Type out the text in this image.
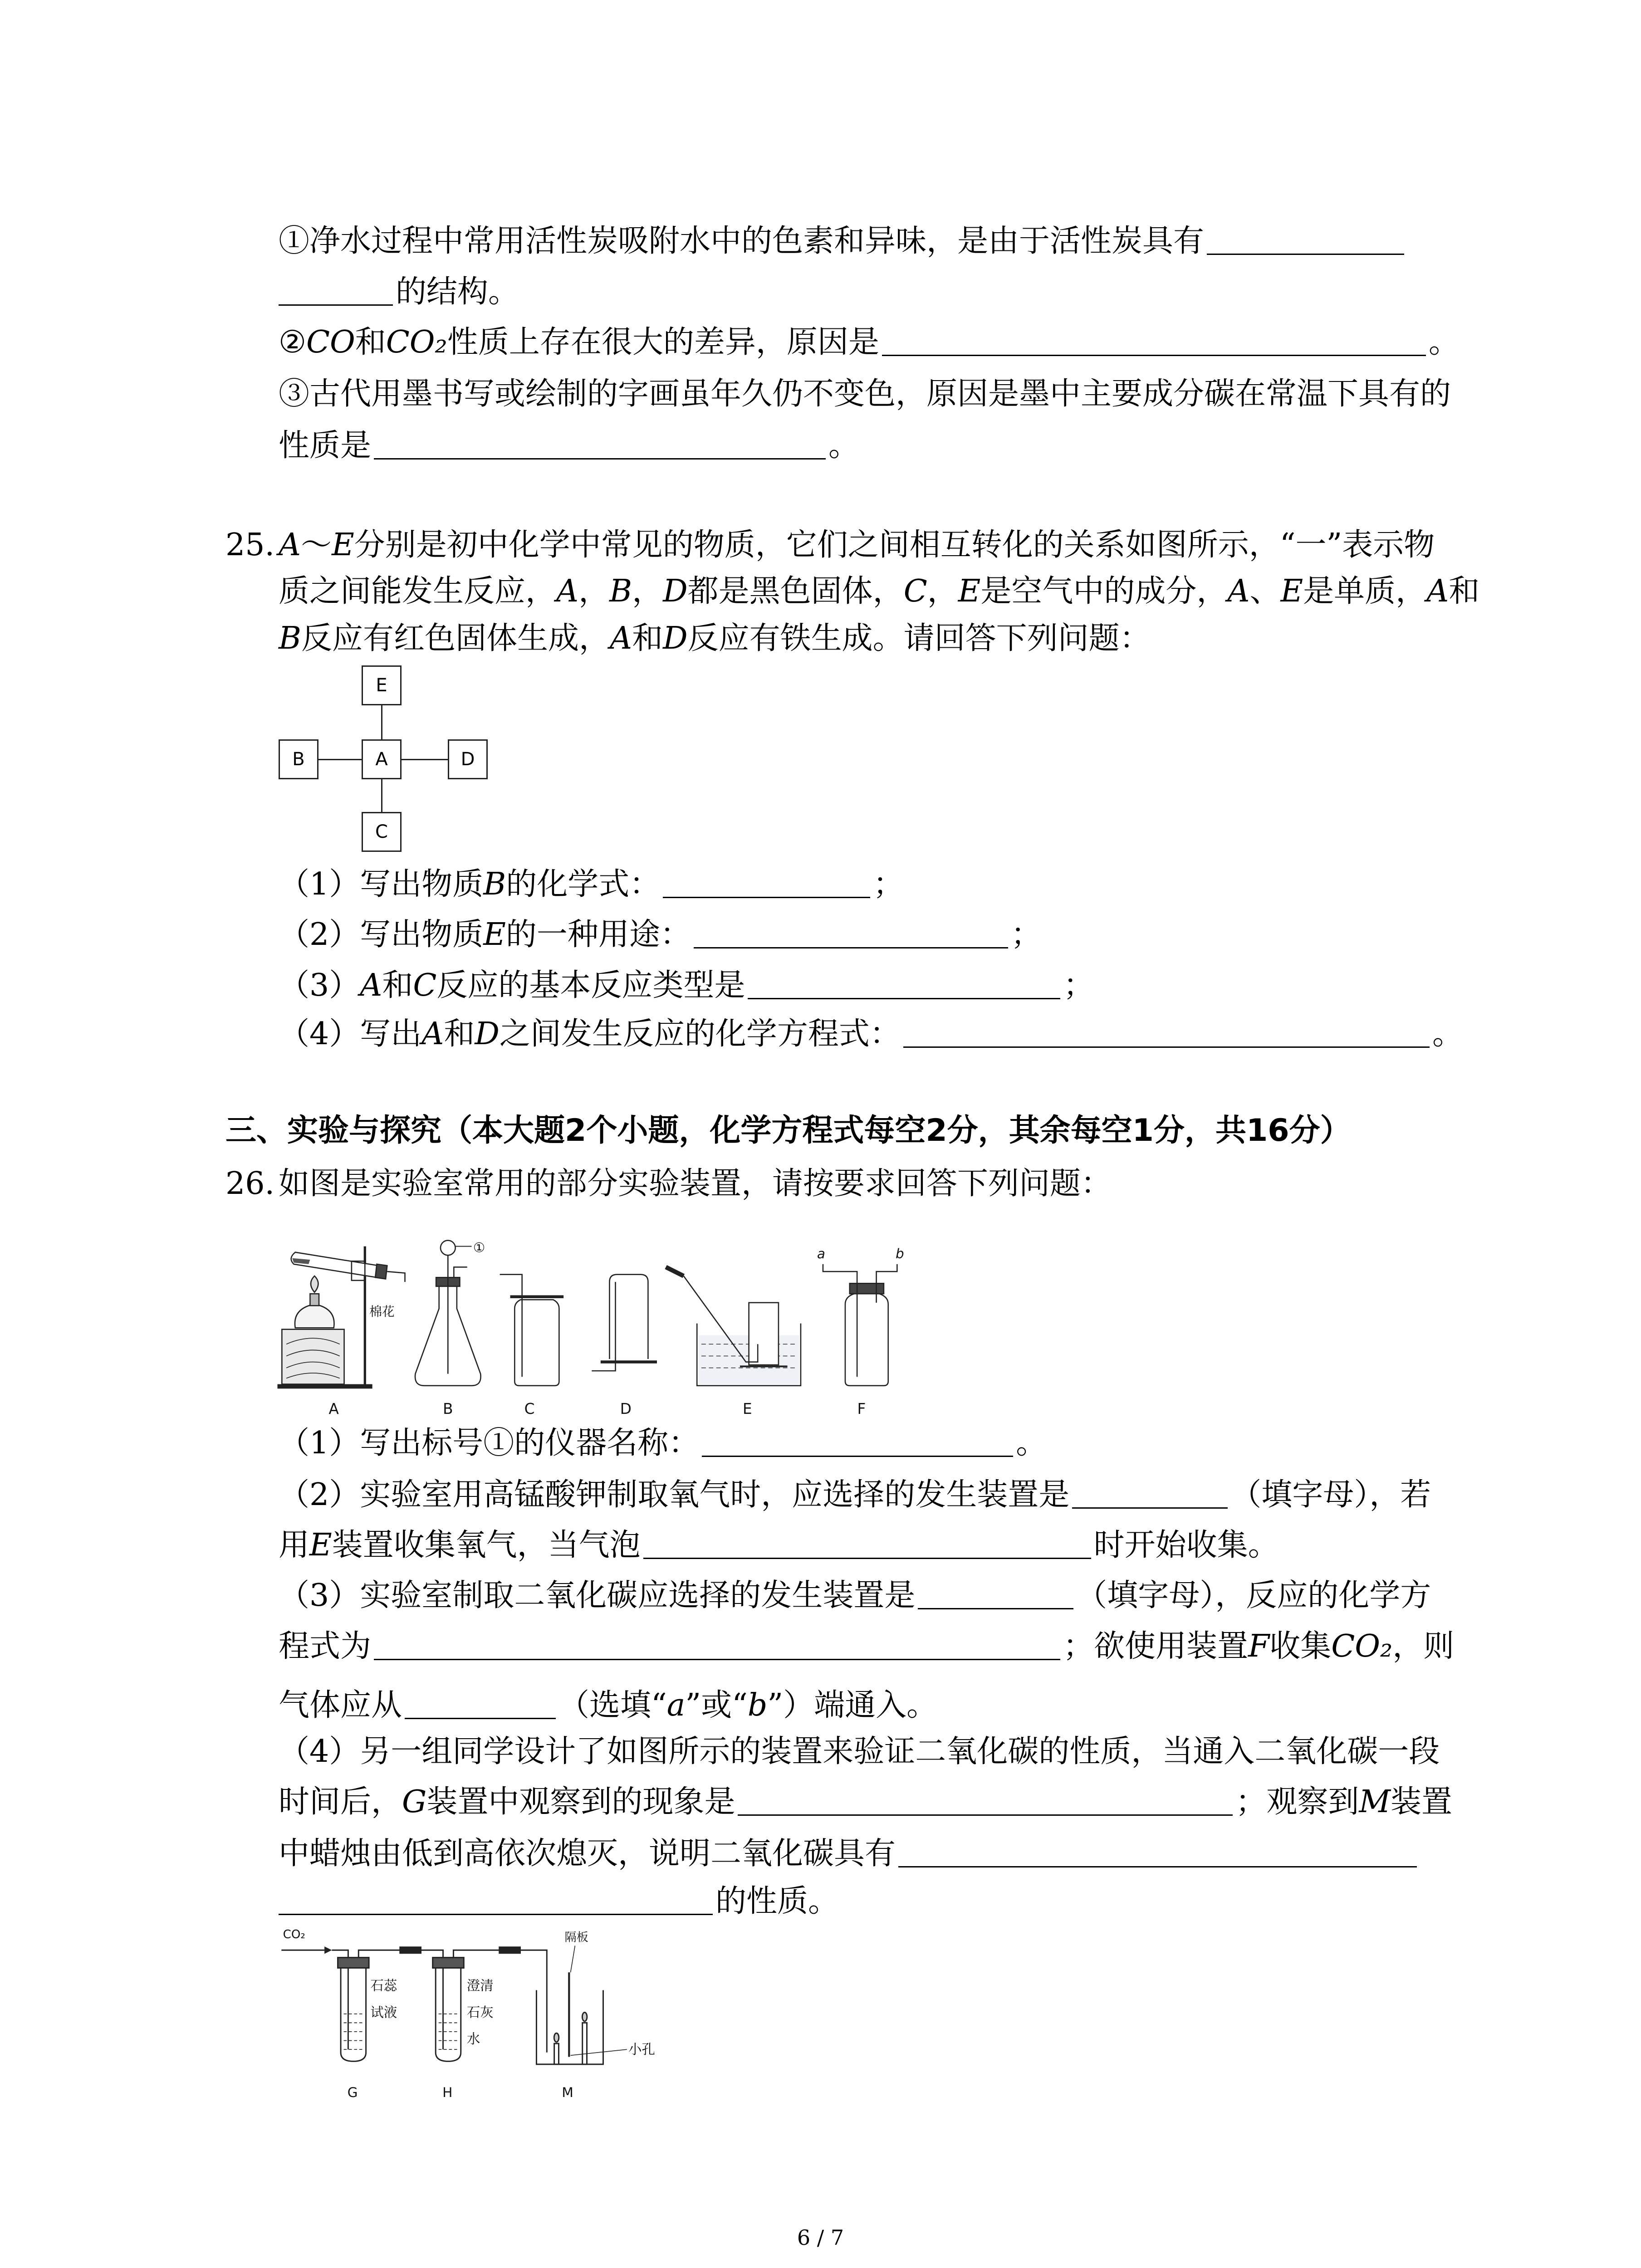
①净水过程中常用活性炭吸附水中的色素和异味，是由于活性炭具有
的结构。
②CO和CO₂性质上存在很大的差异，原因是	。
③古代用墨书写或绘制的字画虽年久仍不变色，原因是墨中主要成分碳在常温下具有的
性质是	。
25. A～E分别是初中化学中常见的物质，它们之间相互转化的关系如图所示，“一”表示物
质之间能发生反应，A，B，D都是黑色固体，C，E是空气中的成分，A、E是单质，A和
B反应有红色固体生成，A和D反应有铁生成。请回答下列问题：
E
A
B	D
C
（1）写出物质B的化学式：	；
（2）写出物质E的一种用途：	；
（3）A和C反应的基本反应类型是	；
（4）写出A和D之间发生反应的化学方程式：	。
三、实验与探究（本大题2个小题，化学方程式每空2分，其余每空1分，共16分）
26. 如图是实验室常用的部分实验装置，请按要求回答下列问题：
棉花
①	a	b
A	B	C	D	E	F
（1）写出标号①的仪器名称：	。
（2）实验室用高锰酸钾制取氧气时，应选择的发生装置是	（填字母），若
用E装置收集氧气，当气泡	时开始收集。
（3）实验室制取二氧化碳应选择的发生装置是	（填字母），反应的化学方
程式为	；欲使用装置F收集CO₂，则
气体应从	（选填“a”或“b”）端通入。
（4）另一组同学设计了如图所示的装置来验证二氧化碳的性质，当通入二氧化碳一段
时间后，G装置中观察到的现象是	；观察到M装置
中蜡烛由低到高依次熄灭，说明二氧化碳具有
的性质。
CO₂
石蕊
试液
澄清
石灰
水
隔板
小孔
G	H	M
6 / 7
